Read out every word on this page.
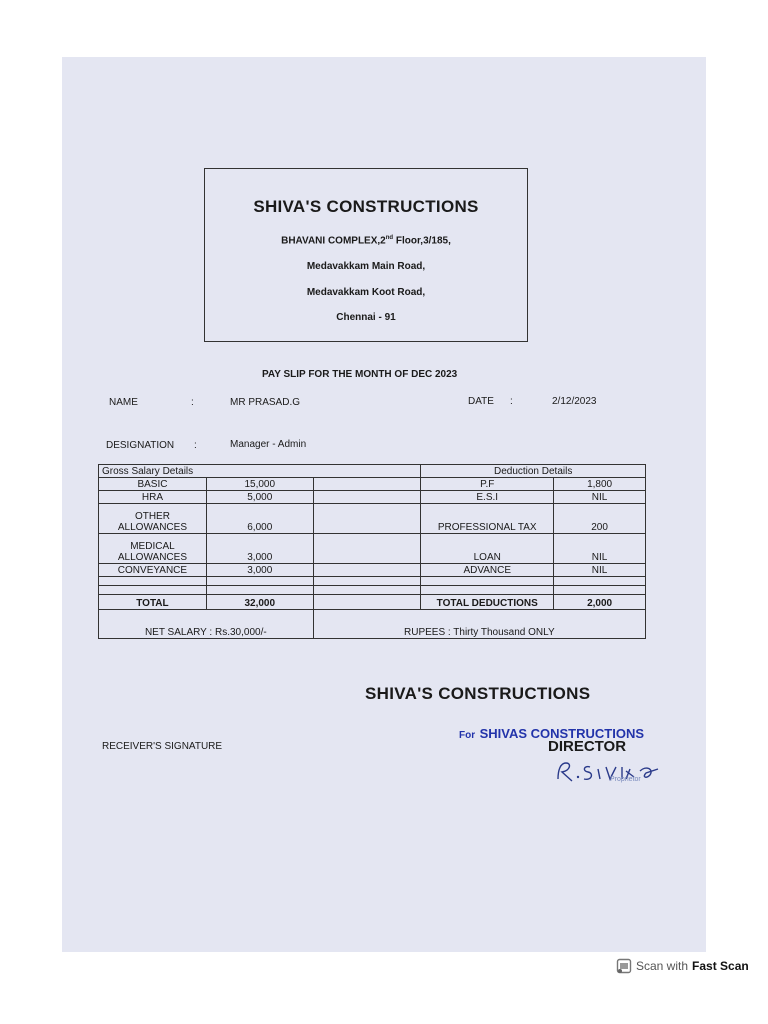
SHIVA'S CONSTRUCTIONS
BHAVANI COMPLEX,2nd Floor,3/185,
Medavakkam Main Road,
Medavakkam Koot Road,
Chennai - 91
PAY SLIP FOR THE MONTH OF DEC 2023
NAME	:	MR PRASAD.G	DATE :	2/12/2023
DESIGNATION :	Manager - Admin
Gross Salary Details			Deduction Details	
BASIC	15,000		P.F	1,800
HRA	5,000		E.S.I	NIL
OTHER
ALLOWANCES	6,000		PROFESSIONAL TAX	200
MEDICAL
ALLOWANCES	3,000		LOAN	NIL
CONVEYANCE	3,000		ADVANCE	NIL

TOTAL	32,000		TOTAL DEDUCTIONS	2,000
NET SALARY : Rs.30,000/-		RUPEES : Thirty Thousand ONLY		
SHIVA'S CONSTRUCTIONS
RECEIVER'S SIGNATURE
For SHIVAS CONSTRUCTIONS
DIRECTOR
Proprietor
Scan with Fast Scan
